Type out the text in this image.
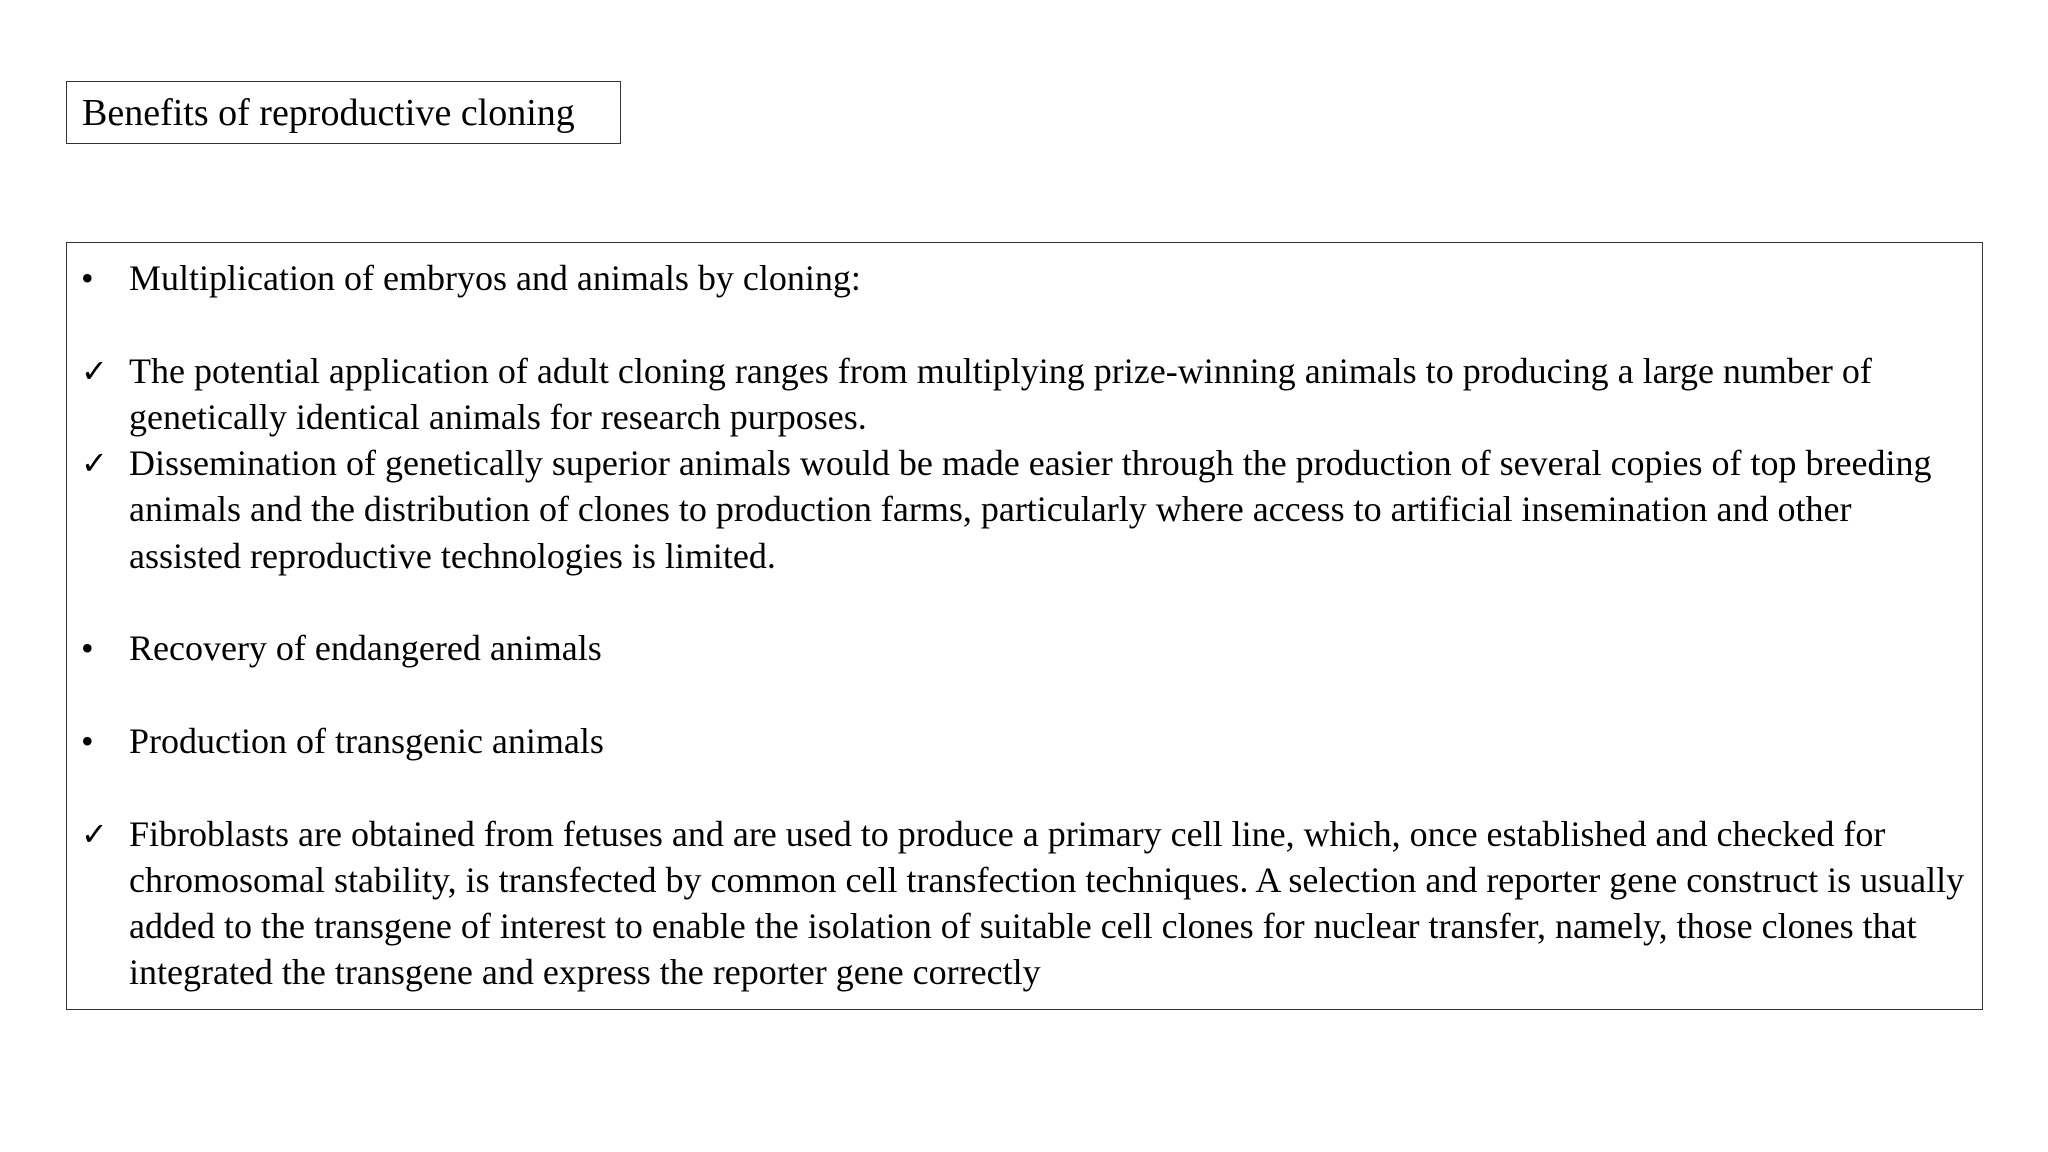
Benefits of reproductive cloning
• Multiplication of embryos and animals by cloning:
✓ The potential application of adult cloning ranges from multiplying prize-winning animals to producing a large number of genetically identical animals for research purposes.
✓ Dissemination of genetically superior animals would be made easier through the production of several copies of top breeding animals and the distribution of clones to production farms, particularly where access to artificial insemination and other assisted reproductive technologies is limited.
• Recovery of endangered animals
• Production of transgenic animals
✓ Fibroblasts are obtained from fetuses and are used to produce a primary cell line, which, once established and checked for chromosomal stability, is transfected by common cell transfection techniques. A selection and reporter gene construct is usually added to the transgene of interest to enable the isolation of suitable cell clones for nuclear transfer, namely, those clones that integrated the transgene and express the reporter gene correctly
